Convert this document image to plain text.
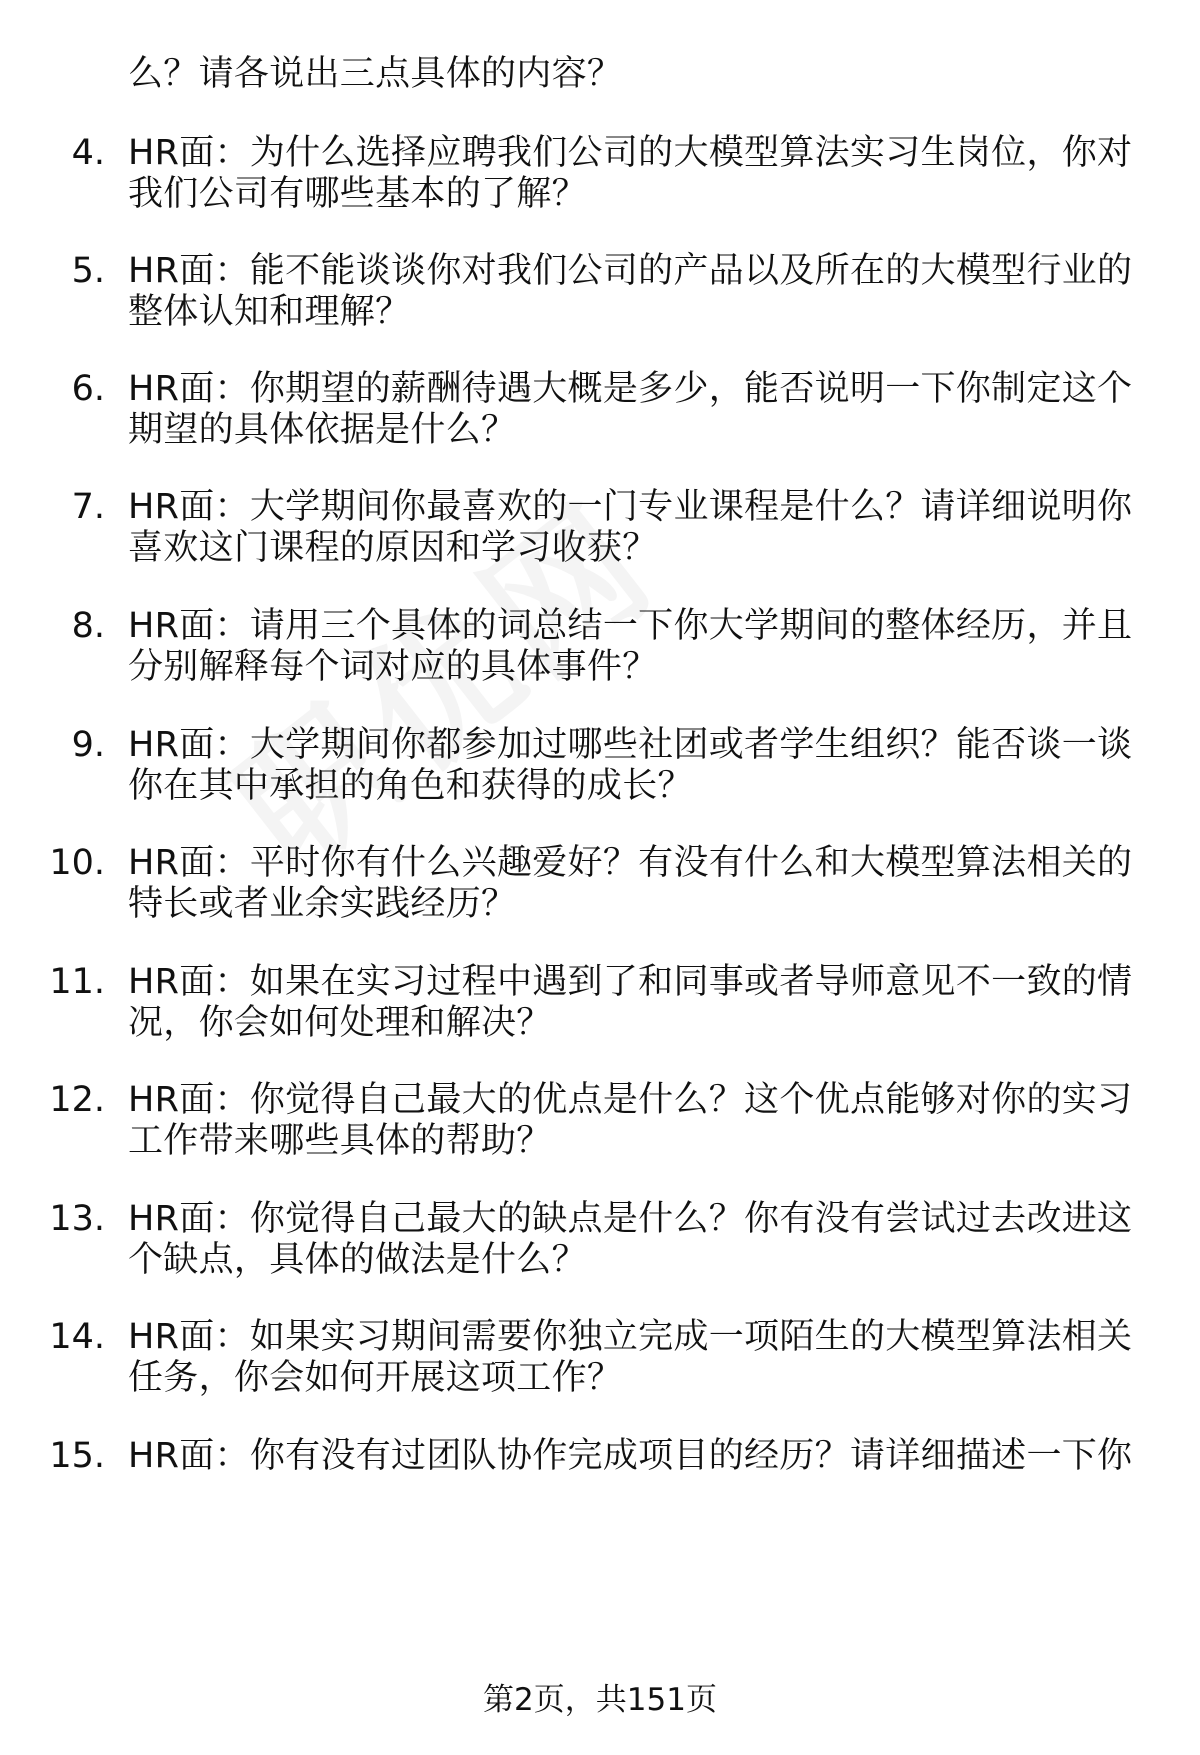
么？请各说出三点具体的内容？
4. HR面：为什么选择应聘我们公司的大模型算法实习生岗位，你对
我们公司有哪些基本的了解？
5. HR面：能不能谈谈你对我们公司的产品以及所在的大模型行业的
整体认知和理解？
6. HR面：你期望的薪酬待遇大概是多少，能否说明一下你制定这个
期望的具体依据是什么？
7. HR面：大学期间你最喜欢的一门专业课程是什么？请详细说明你
喜欢这门课程的原因和学习收获？
8. HR面：请用三个具体的词总结一下你大学期间的整体经历，并且
分别解释每个词对应的具体事件？
9. HR面：大学期间你都参加过哪些社团或者学生组织？能否谈一谈
你在其中承担的角色和获得的成长？
10. HR面：平时你有什么兴趣爱好？有没有什么和大模型算法相关的
特长或者业余实践经历？
11. HR面：如果在实习过程中遇到了和同事或者导师意见不一致的情
况，你会如何处理和解决？
12. HR面：你觉得自己最大的优点是什么？这个优点能够对你的实习
工作带来哪些具体的帮助？
13. HR面：你觉得自己最大的缺点是什么？你有没有尝试过去改进这
个缺点，具体的做法是什么？
14. HR面：如果实习期间需要你独立完成一项陌生的大模型算法相关
任务，你会如何开展这项工作？
15. HR面：你有没有过团队协作完成项目的经历？请详细描述一下你
第2页，共151页
